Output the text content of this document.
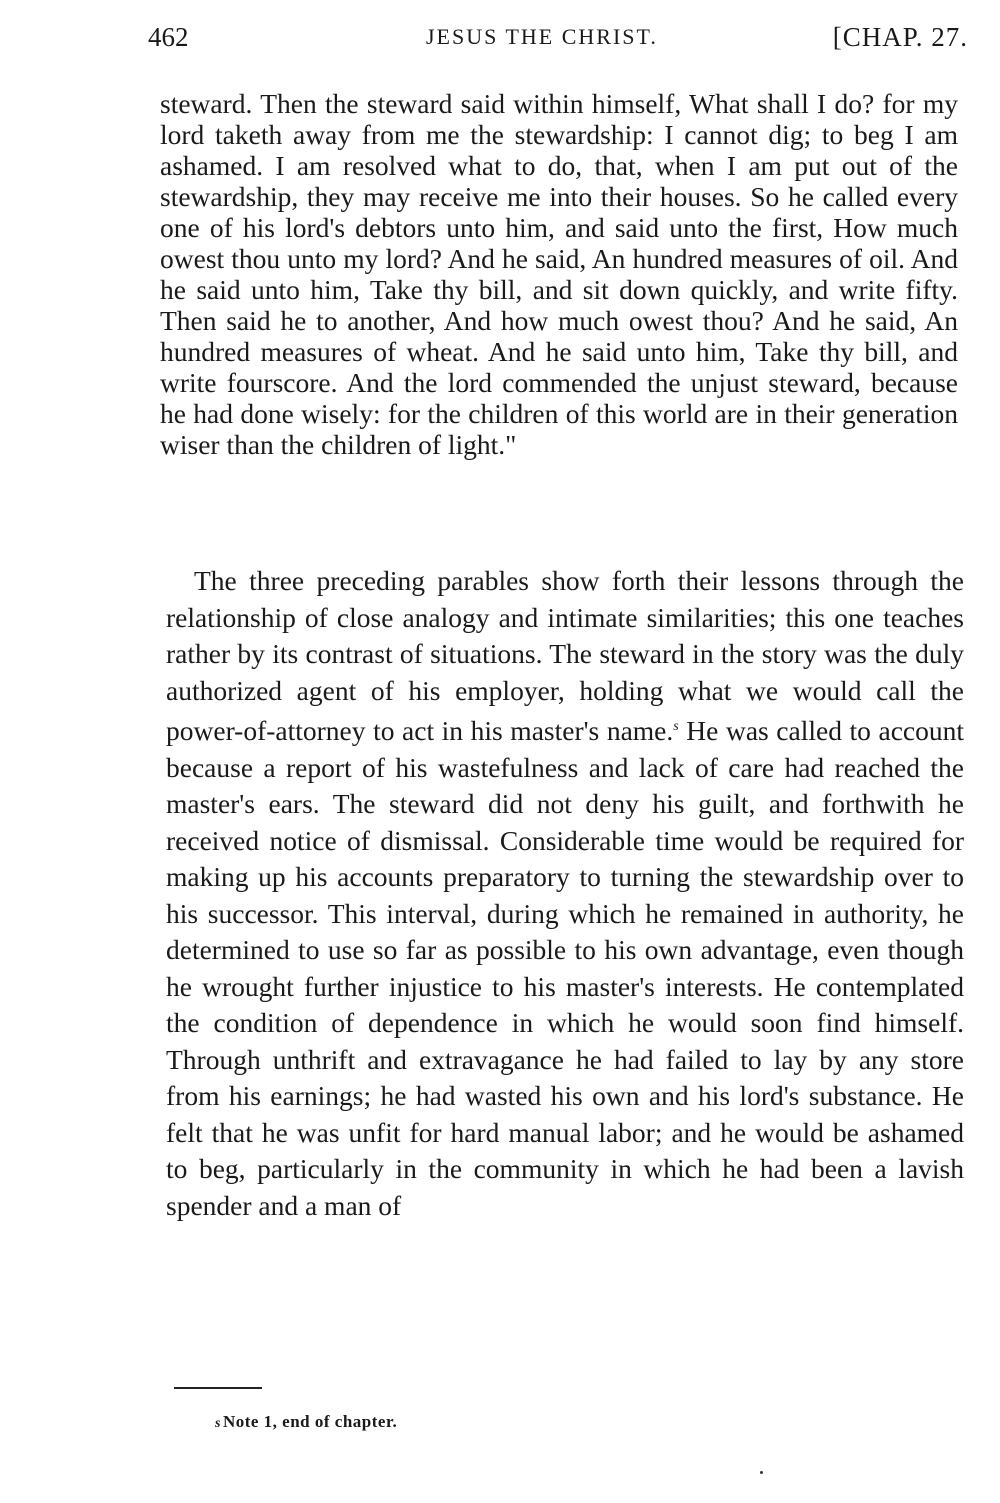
462	JESUS THE CHRIST.	[CHAP. 27.

steward. Then the steward said within himself, What shall I do? for my lord taketh away from me the stewardship: I cannot dig; to beg I am ashamed. I am resolved what to do, that, when I am put out of the stewardship, they may receive me into their houses. So he called every one of his lord's debtors unto him, and said unto the first, How much owest thou unto my lord? And he said, An hundred measures of oil. And he said unto him, Take thy bill, and sit down quickly, and write fifty. Then said he to another, And how much owest thou? And he said, An hundred measures of wheat. And he said unto him, Take thy bill, and write fourscore. And the lord commended the unjust steward, because he had done wisely: for the children of this world are in their generation wiser than the children of light."

The three preceding parables show forth their lessons through the relationship of close analogy and intimate similarities; this one teaches rather by its contrast of situations. The steward in the story was the duly authorized agent of his employer, holding what we would call the power-of-attorney to act in his master's name.$^s$ He was called to account because a report of his wastefulness and lack of care had reached the master's ears. The steward did not deny his guilt, and forthwith he received notice of dismissal. Considerable time would be required for making up his accounts preparatory to turning the stewardship over to his successor. This interval, during which he remained in authority, he determined to use so far as possible to his own advantage, even though he wrought further injustice to his master's interests. He contemplated the condition of dependence in which he would soon find himself. Through unthrift and extravagance he had failed to lay by any store from his earnings; he had wasted his own and his lord's substance. He felt that he was unfit for hard manual labor; and he would be ashamed to beg, particularly in the community in which he had been a lavish spender and a man of

s Note 1, end of chapter.
